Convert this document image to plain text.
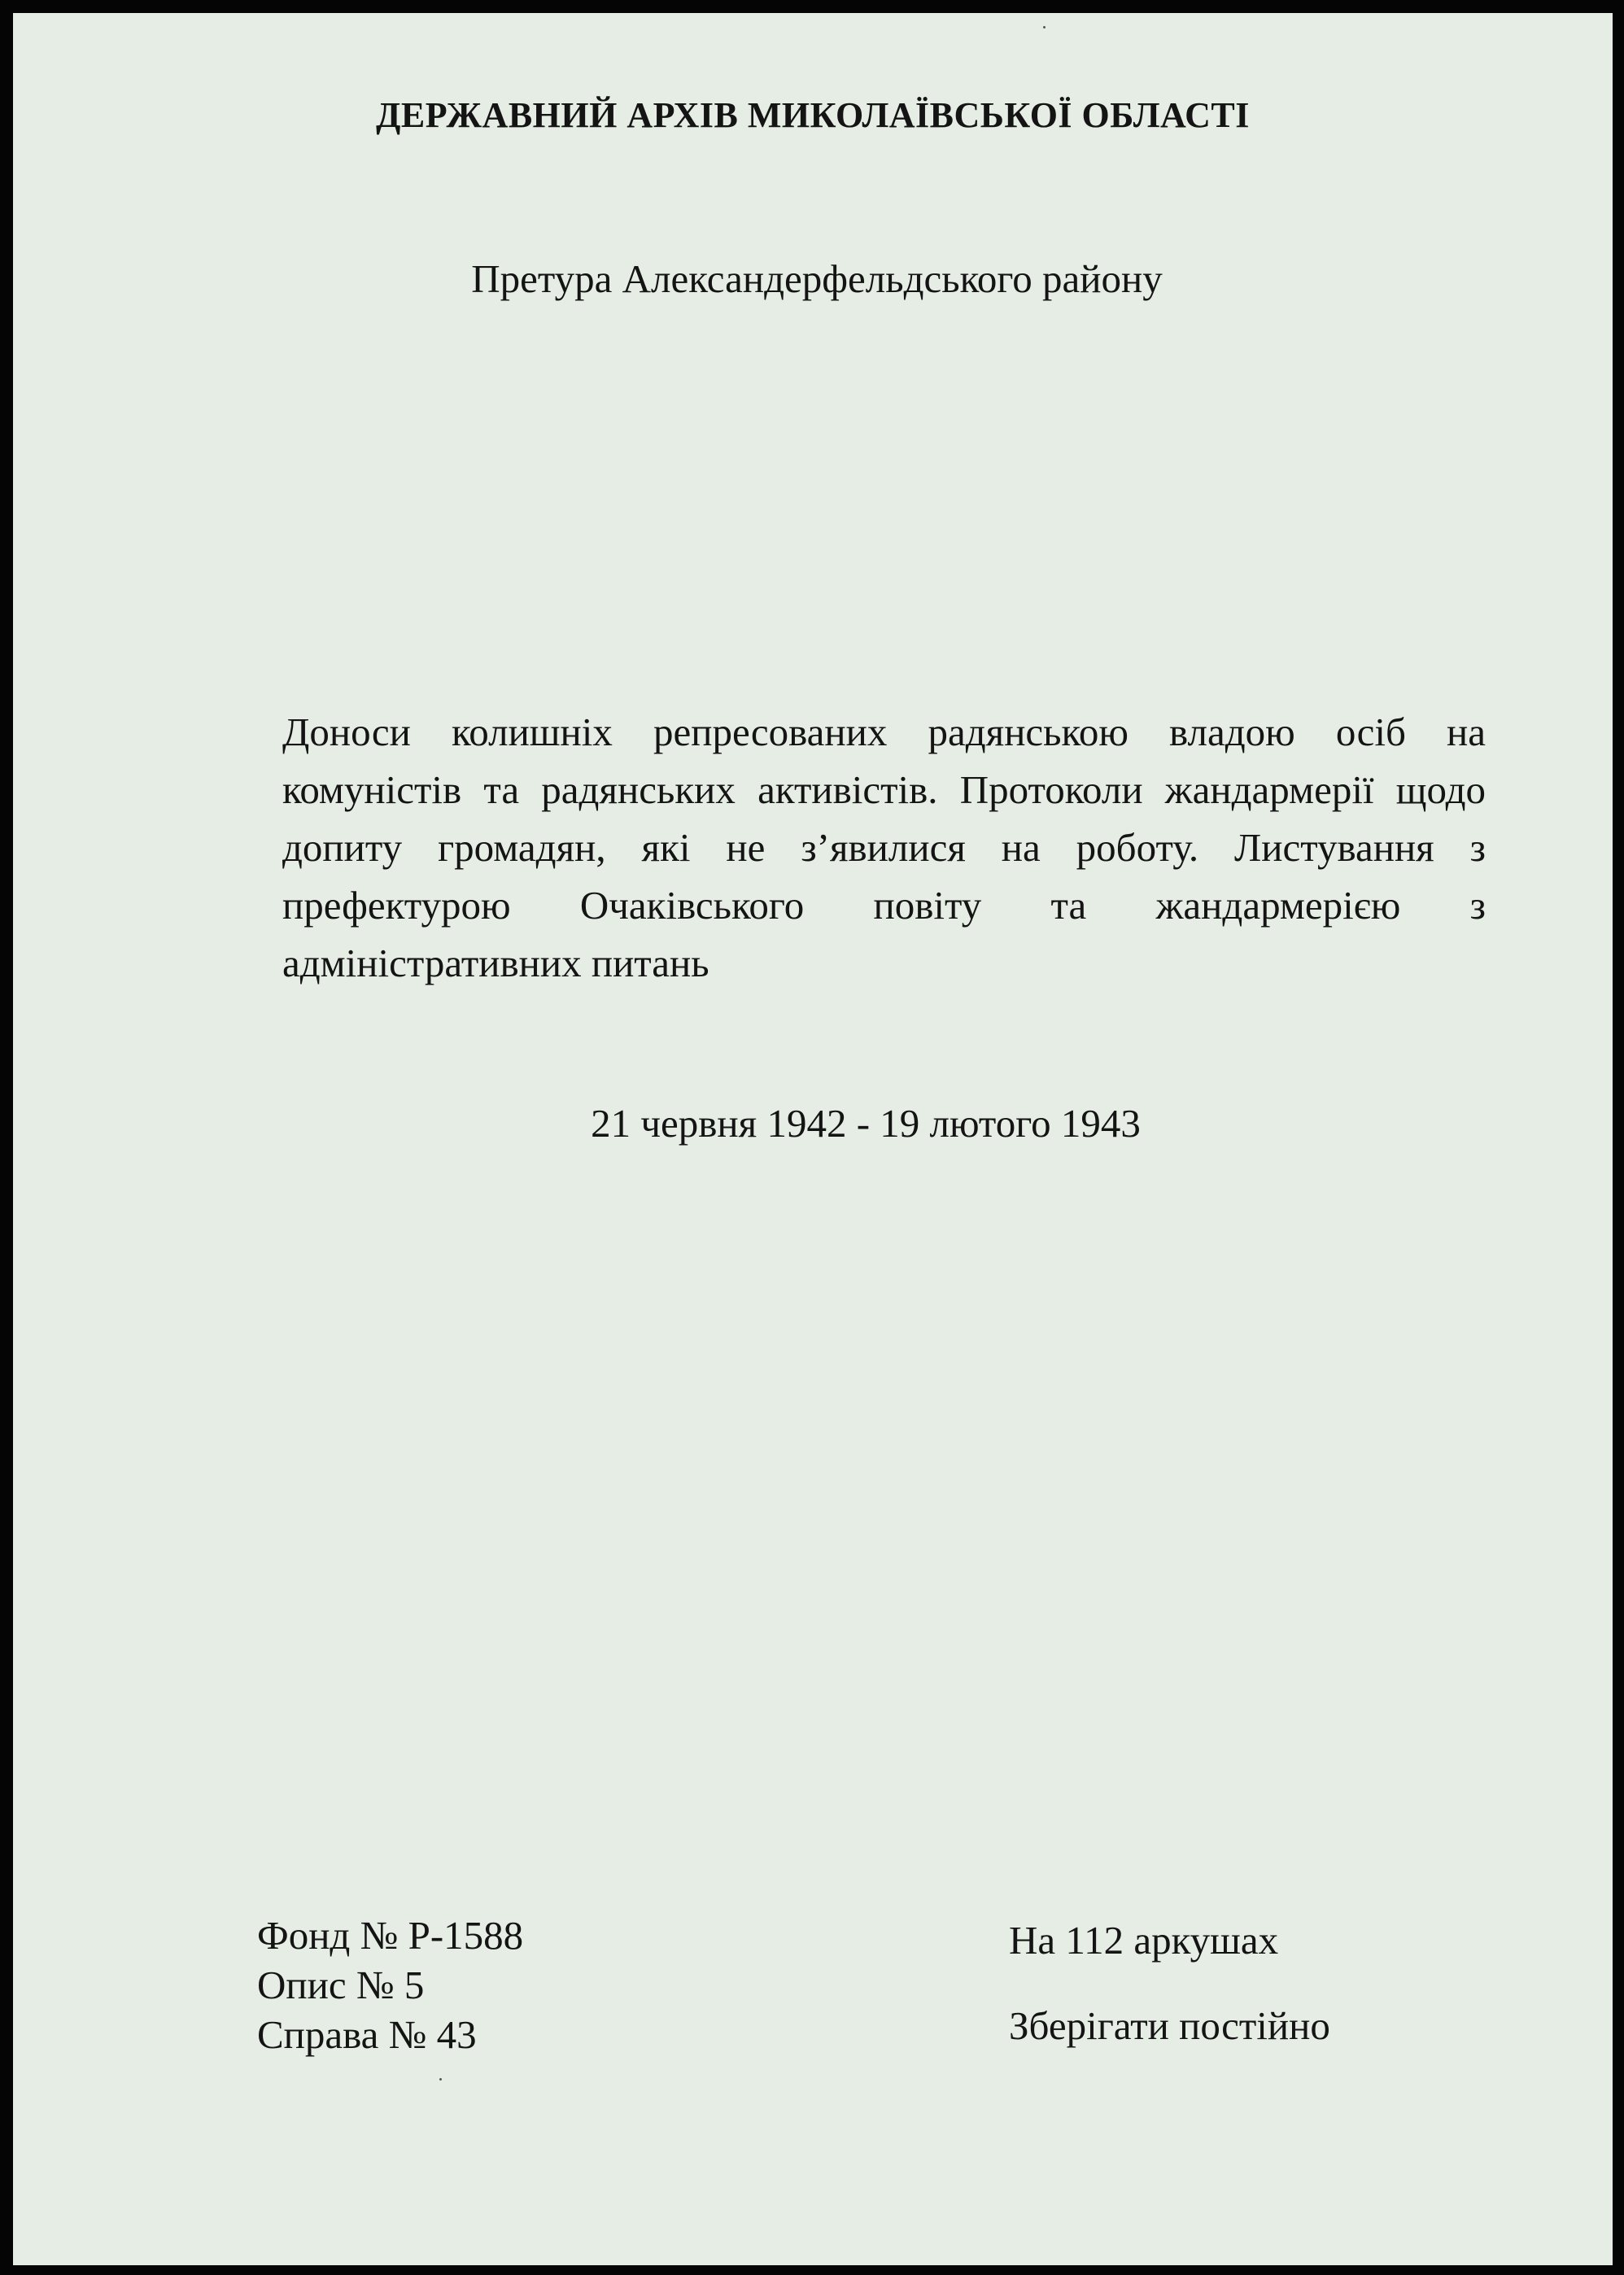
ДЕРЖАВНИЙ АРХІВ МИКОЛАЇВСЬКОЇ ОБЛАСТІ
Претура Александерфельдського району
Доноси колишніх репресованих радянською владою осіб на комуністів та радянських активістів. Протоколи жандармерії щодо допиту громадян, які не з’явилися на роботу. Листування з префектурою Очаківського повіту та жандармерією з адміністративних питань
21 червня 1942 - 19 лютого 1943
Фонд № Р-1588
Опис № 5
Справа № 43
На 112 аркушах
Зберігати постійно
